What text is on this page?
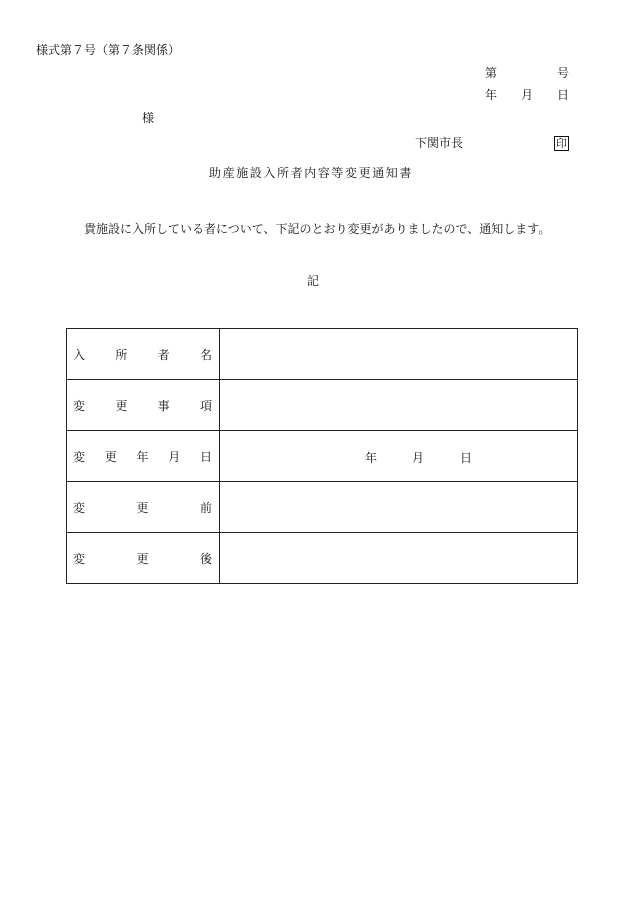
様式第７号（第７条関係）
第	号
年 月 日
様
下関市長	印
助産施設入所者内容等変更通知書
貴施設に入所している者について、下記のとおり変更がありましたので、通知します。
記
入 所 者 名	

変 更 事 項	

変 更 年 月 日	年 月 日

変 更 前	

変 更 後	
